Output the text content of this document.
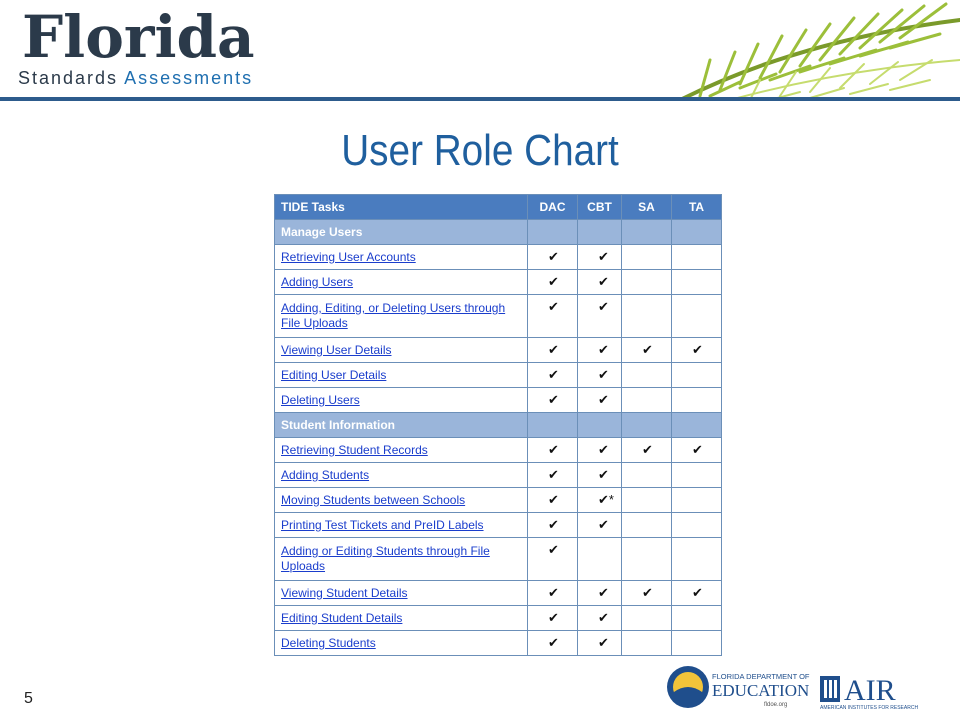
Florida
Standards Assessments
User Role Chart
TIDE Tasks	DAC	CBT	SA	TA
Manage Users				
Retrieving User Accounts	✔	✔		
Adding Users	✔	✔		
Adding, Editing, or Deleting Users through File Uploads	✔	✔		
Viewing User Details	✔	✔	✔	✔
Editing User Details	✔	✔		
Deleting Users	✔	✔		
Student Information				
Retrieving Student Records	✔	✔	✔	✔
Adding Students	✔	✔		
Moving Students between Schools	✔	✔*		
Printing Test Tickets and PreID Labels	✔	✔		
Adding or Editing Students through File Uploads	✔			
Viewing Student Details	✔	✔	✔	✔
Editing Student Details	✔	✔		
Deleting Students	✔	✔		
5
FLORIDA DEPARTMENT OF
EDUCATION
fldoe.org AIR
AMERICAN INSTITUTES FOR RESEARCH
